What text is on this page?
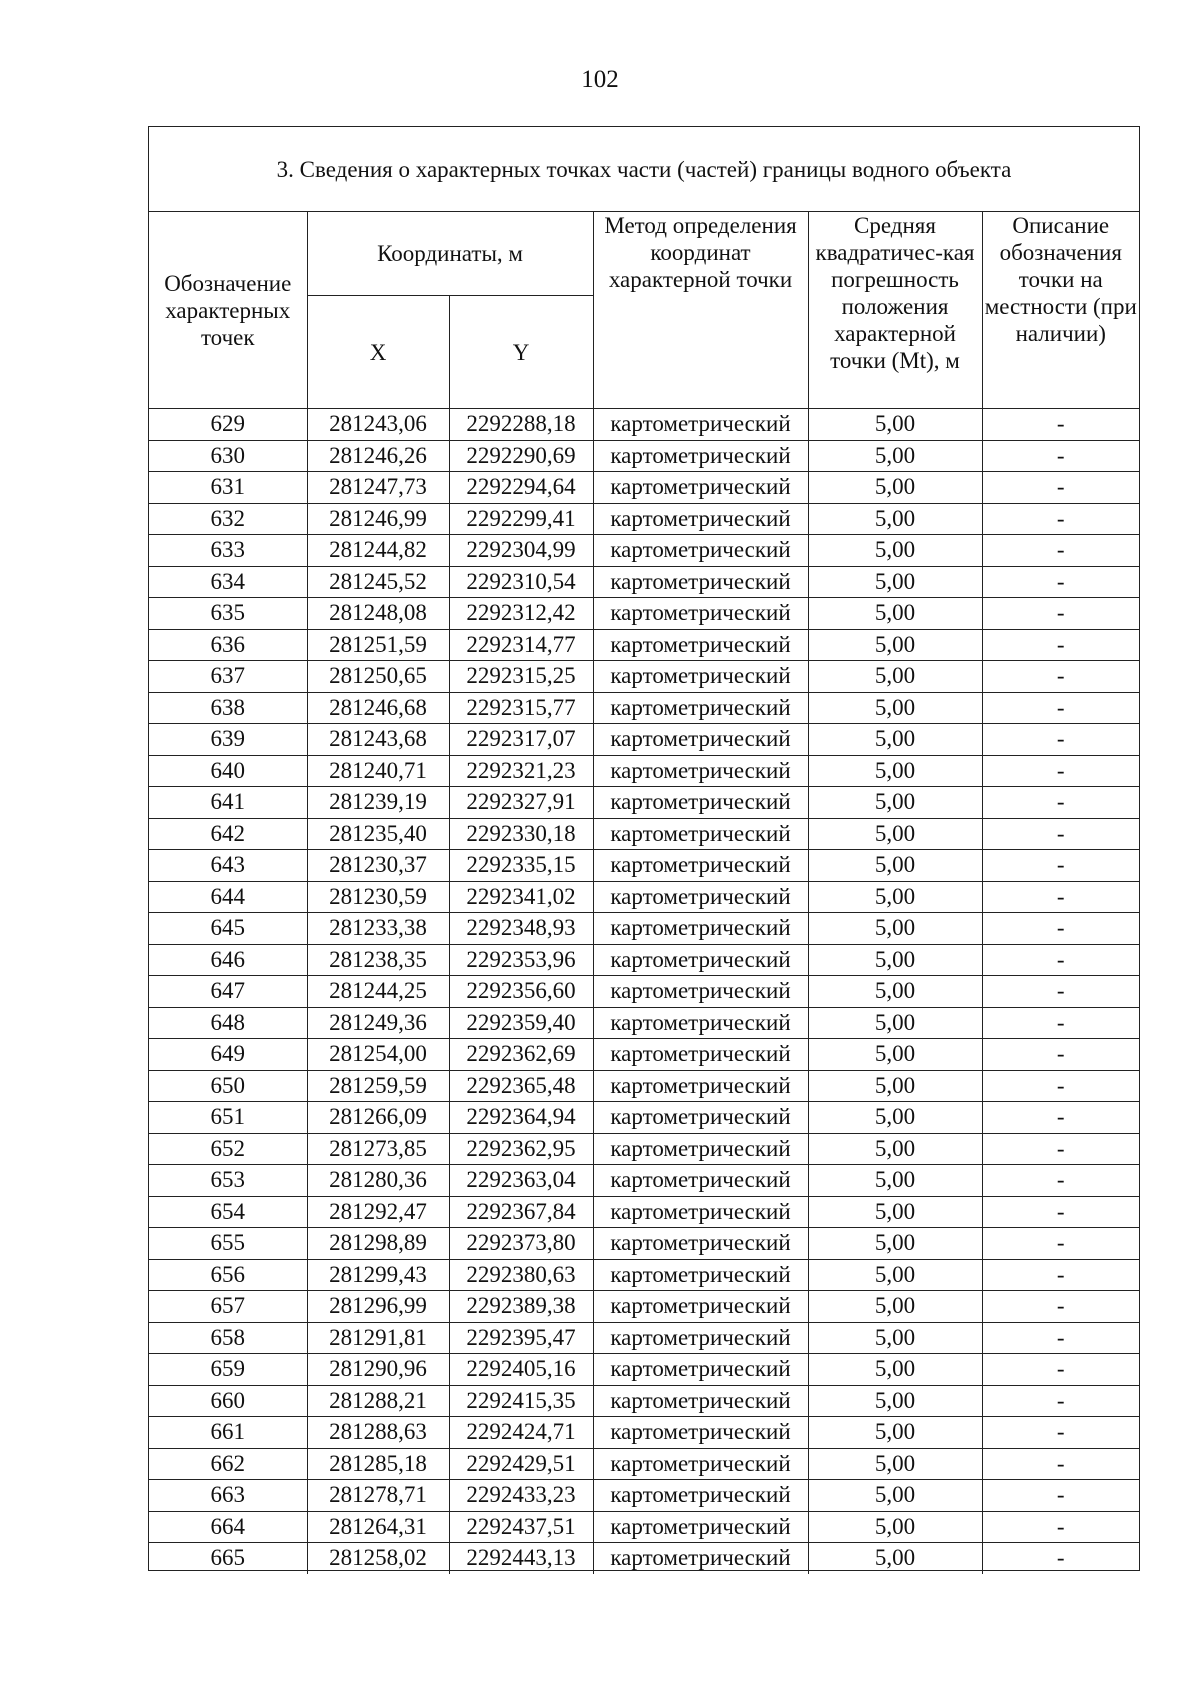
102
3. Сведения о характерных точках части (частей) границы водного объекта
Обозначение характерных точек	Координаты, м		Метод определения координат характерной точки	Средняя квадратичес-кая погрешность положения характерной точки (Mt), м	Описание обозначения точки на местности (при наличии)
	X	Y			
629	281243,06	2292288,18	картометрический	5,00	-
630	281246,26	2292290,69	картометрический	5,00	-
631	281247,73	2292294,64	картометрический	5,00	-
632	281246,99	2292299,41	картометрический	5,00	-
633	281244,82	2292304,99	картометрический	5,00	-
634	281245,52	2292310,54	картометрический	5,00	-
635	281248,08	2292312,42	картометрический	5,00	-
636	281251,59	2292314,77	картометрический	5,00	-
637	281250,65	2292315,25	картометрический	5,00	-
638	281246,68	2292315,77	картометрический	5,00	-
639	281243,68	2292317,07	картометрический	5,00	-
640	281240,71	2292321,23	картометрический	5,00	-
641	281239,19	2292327,91	картометрический	5,00	-
642	281235,40	2292330,18	картометрический	5,00	-
643	281230,37	2292335,15	картометрический	5,00	-
644	281230,59	2292341,02	картометрический	5,00	-
645	281233,38	2292348,93	картометрический	5,00	-
646	281238,35	2292353,96	картометрический	5,00	-
647	281244,25	2292356,60	картометрический	5,00	-
648	281249,36	2292359,40	картометрический	5,00	-
649	281254,00	2292362,69	картометрический	5,00	-
650	281259,59	2292365,48	картометрический	5,00	-
651	281266,09	2292364,94	картометрический	5,00	-
652	281273,85	2292362,95	картометрический	5,00	-
653	281280,36	2292363,04	картометрический	5,00	-
654	281292,47	2292367,84	картометрический	5,00	-
655	281298,89	2292373,80	картометрический	5,00	-
656	281299,43	2292380,63	картометрический	5,00	-
657	281296,99	2292389,38	картометрический	5,00	-
658	281291,81	2292395,47	картометрический	5,00	-
659	281290,96	2292405,16	картометрический	5,00	-
660	281288,21	2292415,35	картометрический	5,00	-
661	281288,63	2292424,71	картометрический	5,00	-
662	281285,18	2292429,51	картометрический	5,00	-
663	281278,71	2292433,23	картометрический	5,00	-
664	281264,31	2292437,51	картометрический	5,00	-
665	281258,02	2292443,13	картометрический	5,00	-
